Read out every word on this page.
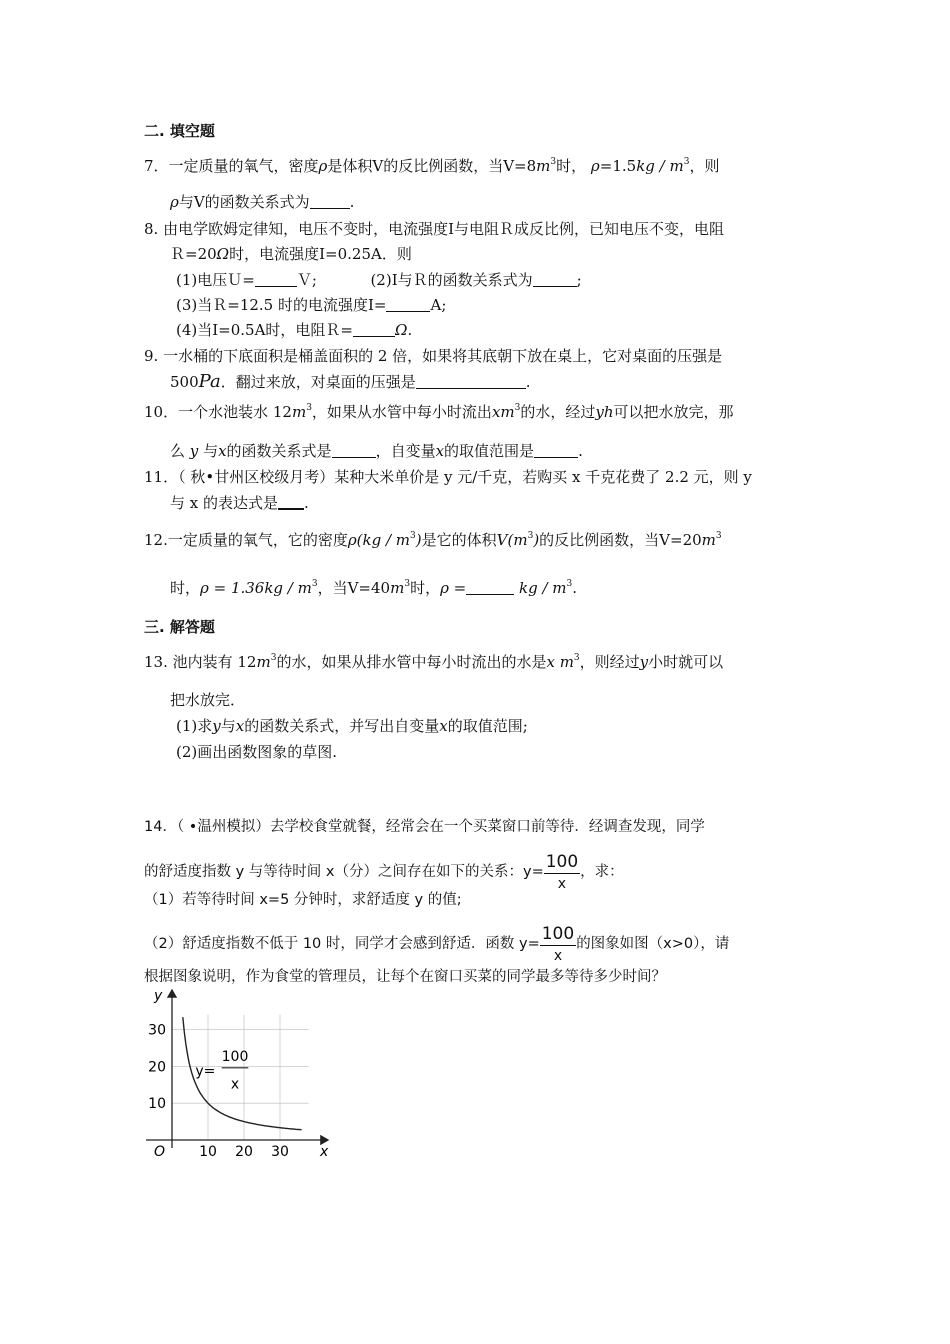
二. 填空题
7．一定质量的氧气，密度ρ是体积Ⅴ的反比例函数，当$Ⅴ=8m^3$时， $\rho=1.5kg / m^3$，则
ρ与Ⅴ的函数关系式为	.
8. 由电学欧姆定律知，电压不变时，电流强度Ⅰ与电阻Ｒ成反比例，已知电压不变，电阻
Ｒ=20Ω时，电流强度Ⅰ=0.25A．则
(1)电压Ｕ=	Ｖ;	(2)Ⅰ与Ｒ的函数关系式为	;
(3)当Ｒ=12.5 时的电流强度Ⅰ=	A;
(4)当Ⅰ=0.5A时，电阻Ｒ=	Ω.
9. 一水桶的下底面积是桶盖面积的 2 倍，如果将其底朝下放在桌上，它对桌面的压强是
500Pa．翻过来放，对桌面的压强是	.
10．一个水池装水 $12m^3$，如果从水管中每小时流出$xm^3$的水，经过yh可以把水放完，那
么 y 与x的函数关系式是	，自变量x的取值范围是	.
11．（ 秋•甘州区校级月考）某种大米单价是 y 元/千克，若购买 x 千克花费了 2.2 元，则 y
与 x 的表达式是 .
12.一定质量的氧气，它的密度$\rho(kg / m^3)$是它的体积$V(m^3)$的反比例函数，当$Ⅴ=20m^3$
时，$\rho = 1.36kg / m^3$，当$Ⅴ=40m^3$时，ρ =	kg / $m^3$.
三. 解答题
13. 池内装有 $12m^3$的水，如果从排水管中每小时流出的水是x $m^3$，则经过y小时就可以
把水放完．
(1)求y与x的函数关系式，并写出自变量x的取值范围;
(2)画出函数图象的草图.
14．（ •温州模拟）去学校食堂就餐，经常会在一个买菜窗口前等待．经调查发现，同学
的舒适度指数 y 与等待时间 x（分）之间存在如下的关系：$y= \frac{100}{x}$ ，求：
（1）若等待时间 x=5 分钟时，求舒适度 y 的值;
（2）舒适度指数不低于 10 时，同学才会感到舒适．函数 $y= \frac{100}{x}$ 的图象如图（x>0），请
根据图象说明，作为食堂的管理员，让每个在窗口买菜的同学最多等待多少时间？
10 20 30
10
20
30
x
y
O
y=
100
x
